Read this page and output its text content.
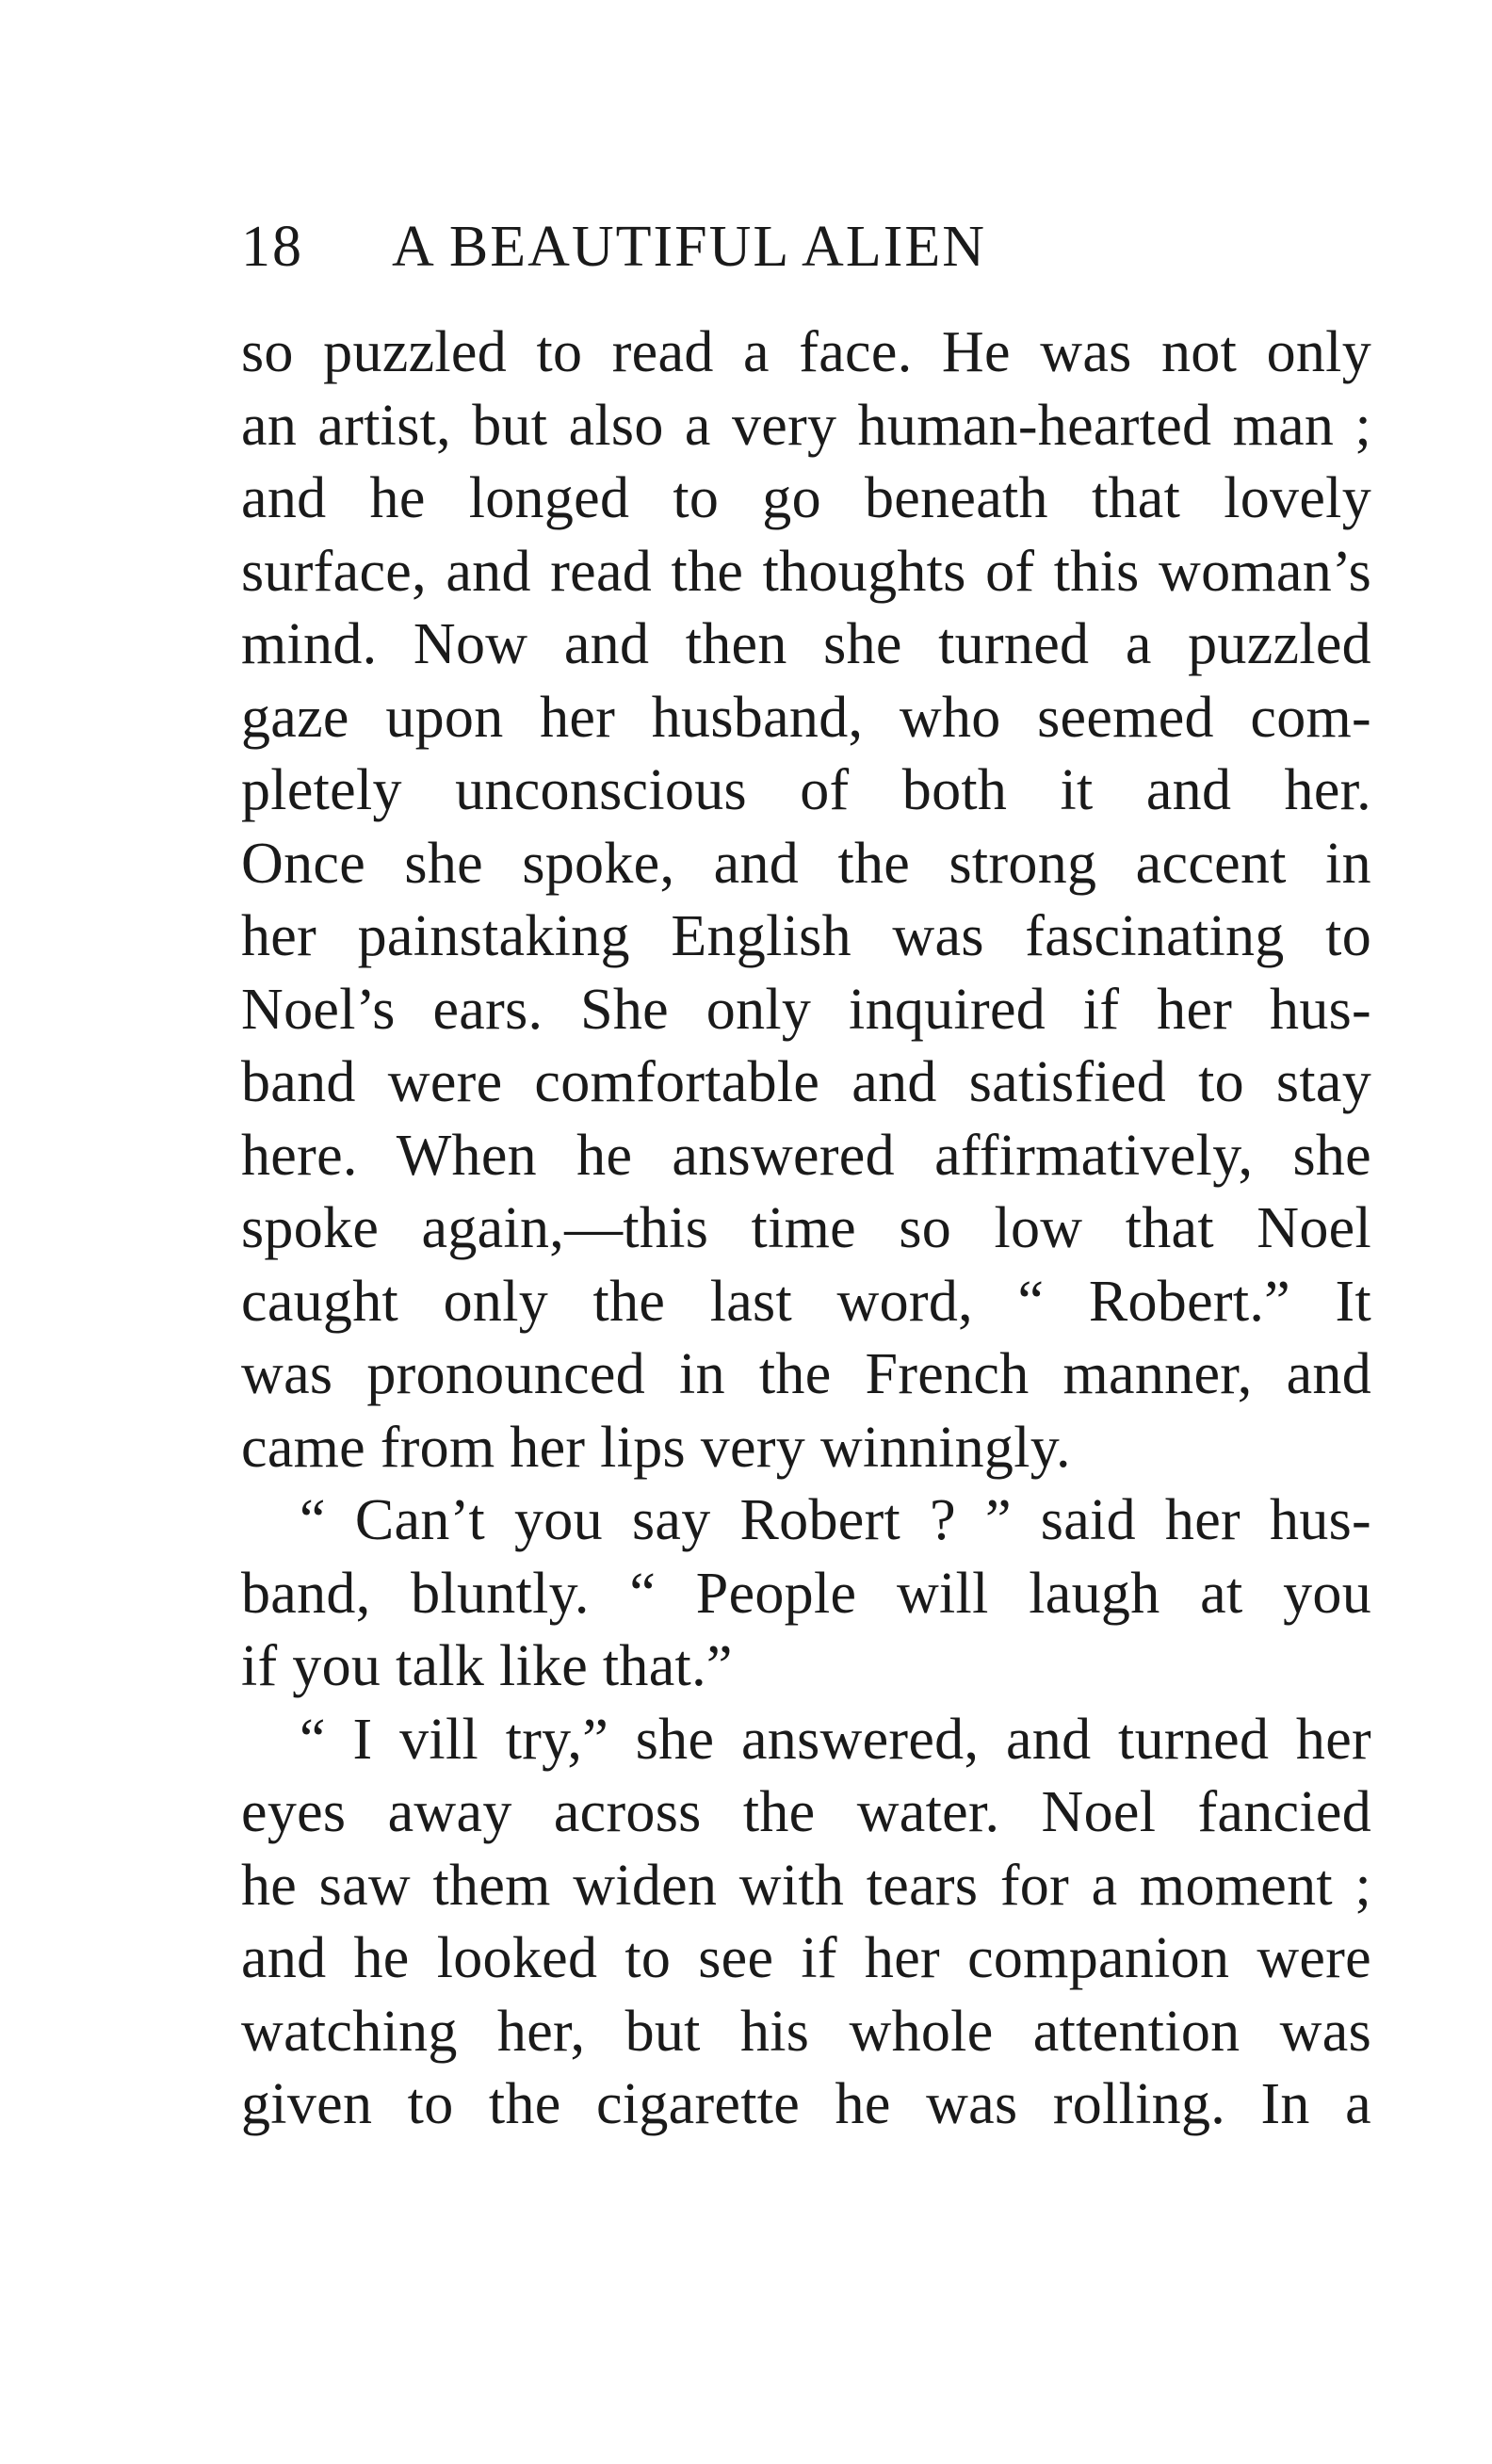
18 A BEAUTIFUL ALIEN
so puzzled to read a face. He was not only
an artist, but also a very human-hearted man ;
and he longed to go beneath that lovely
surface, and read the thoughts of this woman’s
mind. Now and then she turned a puzzled
gaze upon her husband, who seemed com-
pletely unconscious of both it and her.
Once she spoke, and the strong accent in
her painstaking English was fascinating to
Noel’s ears. She only inquired if her hus-
band were comfortable and satisfied to stay
here. When he answered affirmatively, she
spoke again,—this time so low that Noel
caught only the last word, “ Robert.” It
was pronounced in the French manner, and
came from her lips very winningly.
“ Can’t you say Robert ? ” said her hus-
band, bluntly. “ People will laugh at you
if you talk like that.”
“ I vill try,” she answered, and turned her
eyes away across the water. Noel fancied
he saw them widen with tears for a moment ;
and he looked to see if her companion were
watching her, but his whole attention was
given to the cigarette he was rolling. In a
